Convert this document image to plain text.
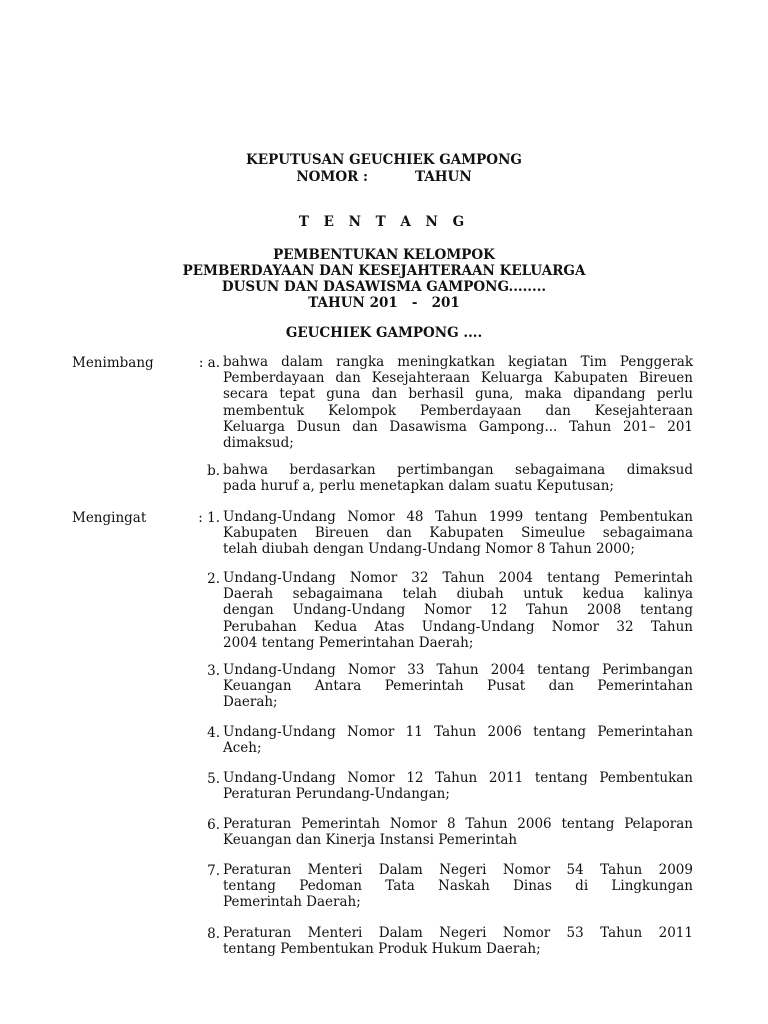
KEPUTUSAN GEUCHIEK GAMPONG
NOMOR :          TAHUN
T E N T A N G
PEMBENTUKAN KELOMPOK
PEMBERDAYAAN DAN KESEJAHTERAAN KELUARGA
DUSUN DAN DASAWISMA GAMPONG........
TAHUN 201   -   201
GEUCHIEK GAMPONG ....
Menimbang	: a. bahwa dalam rangka meningkatkan kegiatan Tim Penggerak
Pemberdayaan dan Kesejahteraan Keluarga Kabupaten Bireuen
secara tepat guna dan berhasil guna, maka dipandang perlu
membentuk Kelompok Pemberdayaan dan Kesejahteraan
Keluarga Dusun dan Dasawisma Gampong... Tahun 201– 201
dimaksud;
b. bahwa berdasarkan pertimbangan sebagaimana dimaksud
pada huruf a, perlu menetapkan dalam suatu Keputusan;
Mengingat	: 1. Undang-Undang Nomor 48 Tahun 1999 tentang Pembentukan
Kabupaten Bireuen dan Kabupaten Simeulue sebagaimana
telah diubah dengan Undang-Undang Nomor 8 Tahun 2000;
2. Undang-Undang Nomor 32 Tahun 2004 tentang Pemerintah
Daerah sebagaimana telah diubah untuk kedua kalinya
dengan Undang-Undang Nomor 12 Tahun 2008 tentang
Perubahan Kedua Atas Undang-Undang Nomor 32 Tahun
2004 tentang Pemerintahan Daerah;
3. Undang-Undang Nomor 33 Tahun 2004 tentang Perimbangan
Keuangan Antara Pemerintah Pusat dan Pemerintahan
Daerah;
4. Undang-Undang Nomor 11 Tahun 2006 tentang Pemerintahan
Aceh;
5. Undang-Undang Nomor 12 Tahun 2011 tentang Pembentukan
Peraturan Perundang-Undangan;
6. Peraturan Pemerintah Nomor 8 Tahun 2006 tentang Pelaporan
Keuangan dan Kinerja Instansi Pemerintah
7. Peraturan Menteri Dalam Negeri Nomor 54 Tahun 2009
tentang Pedoman Tata Naskah Dinas di Lingkungan
Pemerintah Daerah;
8. Peraturan Menteri Dalam Negeri Nomor 53 Tahun 2011
tentang Pembentukan Produk Hukum Daerah;
